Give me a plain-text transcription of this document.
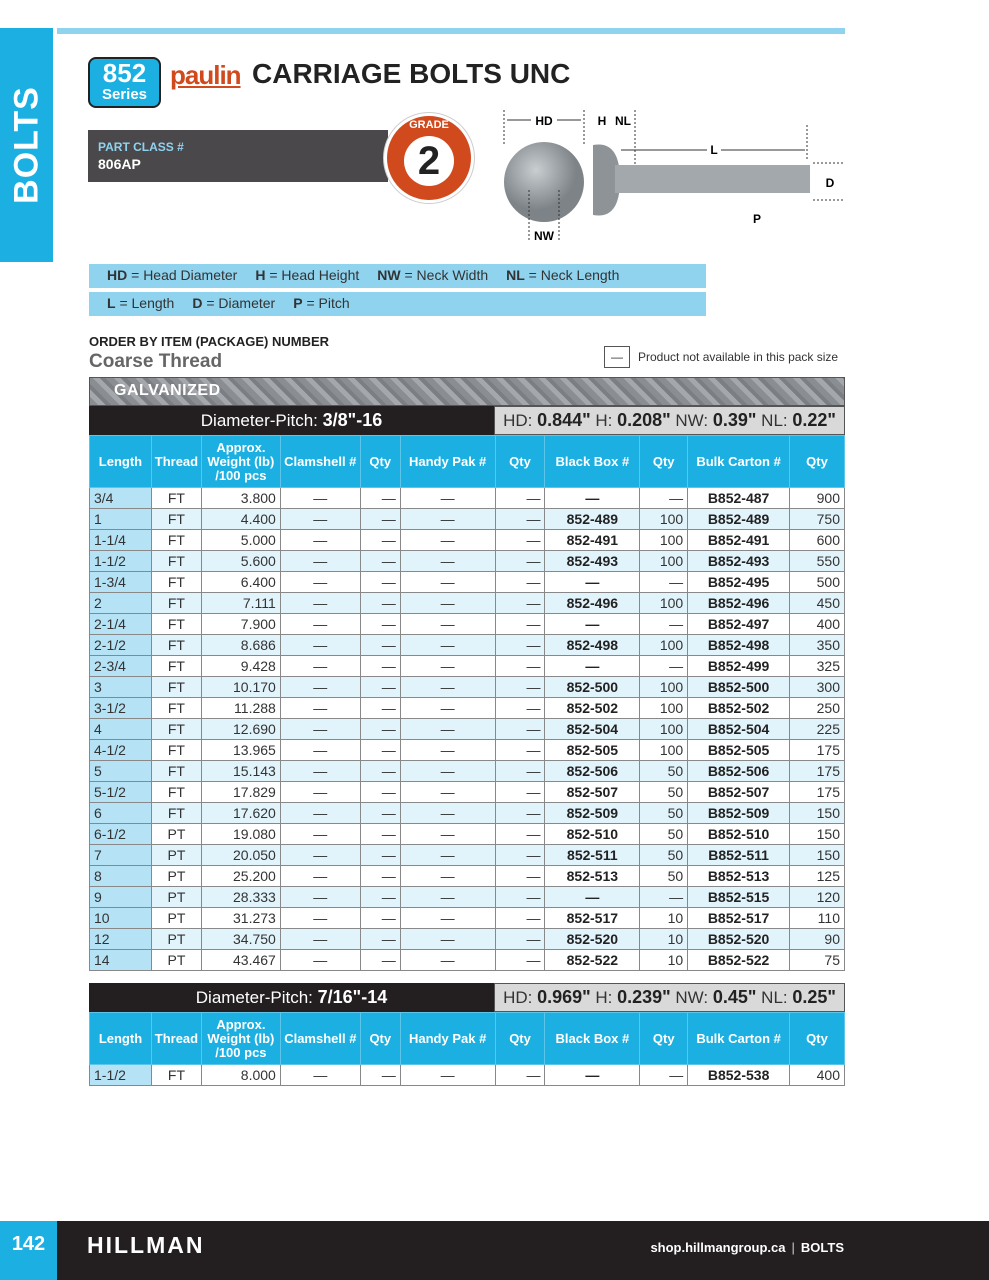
BOLTS
852
Series
paulin CARRIAGE BOLTS UNC
PART CLASS #
806AP
GRADE
2
HD	H NL
NW
L
D
P
HD = Head Diameter H = Head Height NW = Neck Width NL = Neck Length
L = Length D = Diameter P = Pitch
ORDER BY ITEM (PACKAGE) NUMBER
Coarse Thread	—	Product not available in this pack size
GALVANIZED
Diameter-Pitch: 3/8"-16	HD: 0.844" H: 0.208" NW: 0.39" NL: 0.22"
Length	Thread	Approx. Weight (lb) /100 pcs	Clamshell #	Qty	Handy Pak #	Qty	Black Box #	Qty	Bulk Carton #	Qty
3/4	FT	3.800	—	—	—	—	—	—	B852-487	900
1	FT	4.400	—	—	—	—	852-489	100	B852-489	750
1-1/4	FT	5.000	—	—	—	—	852-491	100	B852-491	600
1-1/2	FT	5.600	—	—	—	—	852-493	100	B852-493	550
1-3/4	FT	6.400	—	—	—	—	—	—	B852-495	500
2	FT	7.111	—	—	—	—	852-496	100	B852-496	450
2-1/4	FT	7.900	—	—	—	—	—	—	B852-497	400
2-1/2	FT	8.686	—	—	—	—	852-498	100	B852-498	350
2-3/4	FT	9.428	—	—	—	—	—	—	B852-499	325
3	FT	10.170	—	—	—	—	852-500	100	B852-500	300
3-1/2	FT	11.288	—	—	—	—	852-502	100	B852-502	250
4	FT	12.690	—	—	—	—	852-504	100	B852-504	225
4-1/2	FT	13.965	—	—	—	—	852-505	100	B852-505	175
5	FT	15.143	—	—	—	—	852-506	50	B852-506	175
5-1/2	FT	17.829	—	—	—	—	852-507	50	B852-507	175
6	FT	17.620	—	—	—	—	852-509	50	B852-509	150
6-1/2	PT	19.080	—	—	—	—	852-510	50	B852-510	150
7	PT	20.050	—	—	—	—	852-511	50	B852-511	150
8	PT	25.200	—	—	—	—	852-513	50	B852-513	125
9	PT	28.333	—	—	—	—	—	—	B852-515	120
10	PT	31.273	—	—	—	—	852-517	10	B852-517	110
12	PT	34.750	—	—	—	—	852-520	10	B852-520	90
14	PT	43.467	—	—	—	—	852-522	10	B852-522	75
Diameter-Pitch: 7/16"-14	HD: 0.969" H: 0.239" NW: 0.45" NL: 0.25"
Length	Thread	Approx. Weight (lb) /100 pcs	Clamshell #	Qty	Handy Pak #	Qty	Black Box #	Qty	Bulk Carton #	Qty
1-1/2	FT	8.000	—	—	—	—	—	—	B852-538	400
142	HILLMAN	shop.hillmangroup.ca | BOLTS
